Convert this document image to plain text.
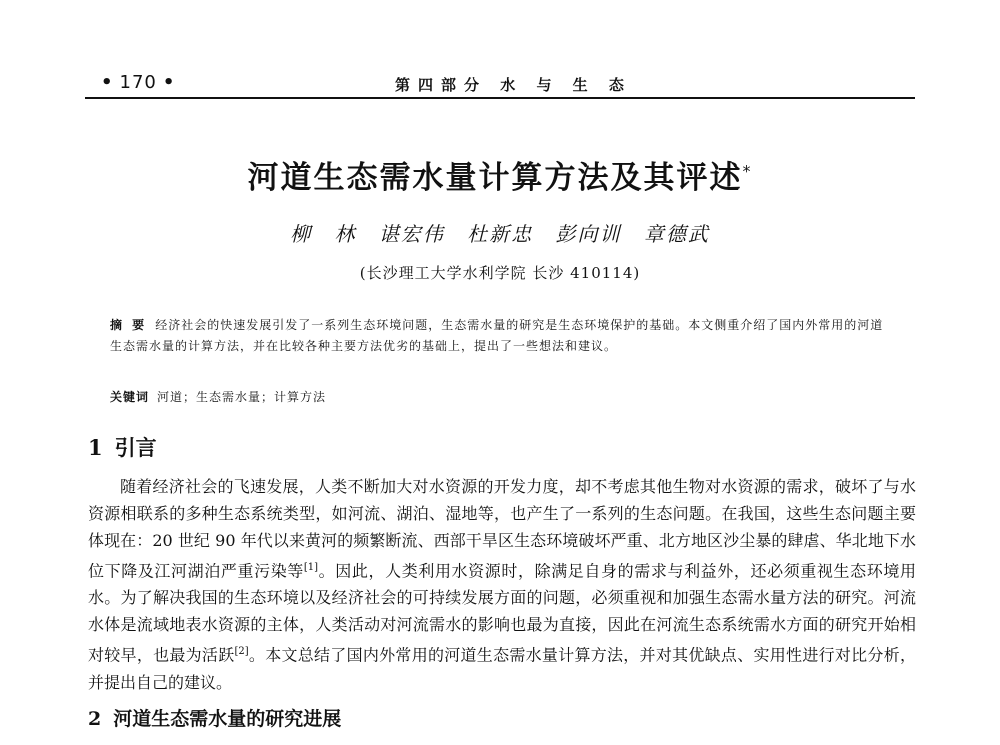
• 170 •	第四部分 水 与 生 态
河道生态需水量计算方法及其评述*
柳 林 谌宏伟 杜新忠 彭向训 章德武
(长沙理工大学水利学院 长沙 410114)
摘 要 经济社会的快速发展引发了一系列生态环境问题，生态需水量的研究是生态环境保护的基础。本文侧重介绍了国内外常用的河道生态需水量的计算方法，并在比较各种主要方法优劣的基础上，提出了一些想法和建议。
关键词 河道；生态需水量；计算方法
1 引言
随着经济社会的飞速发展，人类不断加大对水资源的开发力度，却不考虑其他生物对水资源的需求，破坏了与水资源相联系的多种生态系统类型，如河流、湖泊、湿地等，也产生了一系列的生态问题。在我国，这些生态问题主要体现在：20 世纪 90 年代以来黄河的频繁断流、西部干旱区生态环境破坏严重、北方地区沙尘暴的肆虐、华北地下水位下降及江河湖泊严重污染等[1]。因此，人类利用水资源时，除满足自身的需求与利益外，还必须重视生态环境用水。为了解决我国的生态环境以及经济社会的可持续发展方面的问题，必须重视和加强生态需水量方法的研究。河流水体是流域地表水资源的主体，人类活动对河流需水的影响也最为直接，因此在河流生态系统需水方面的研究开始相对较早，也最为活跃[2]。本文总结了国内外常用的河道生态需水量计算方法，并对其优缺点、实用性进行对比分析，并提出自己的建议。
2 河道生态需水量的研究进展
